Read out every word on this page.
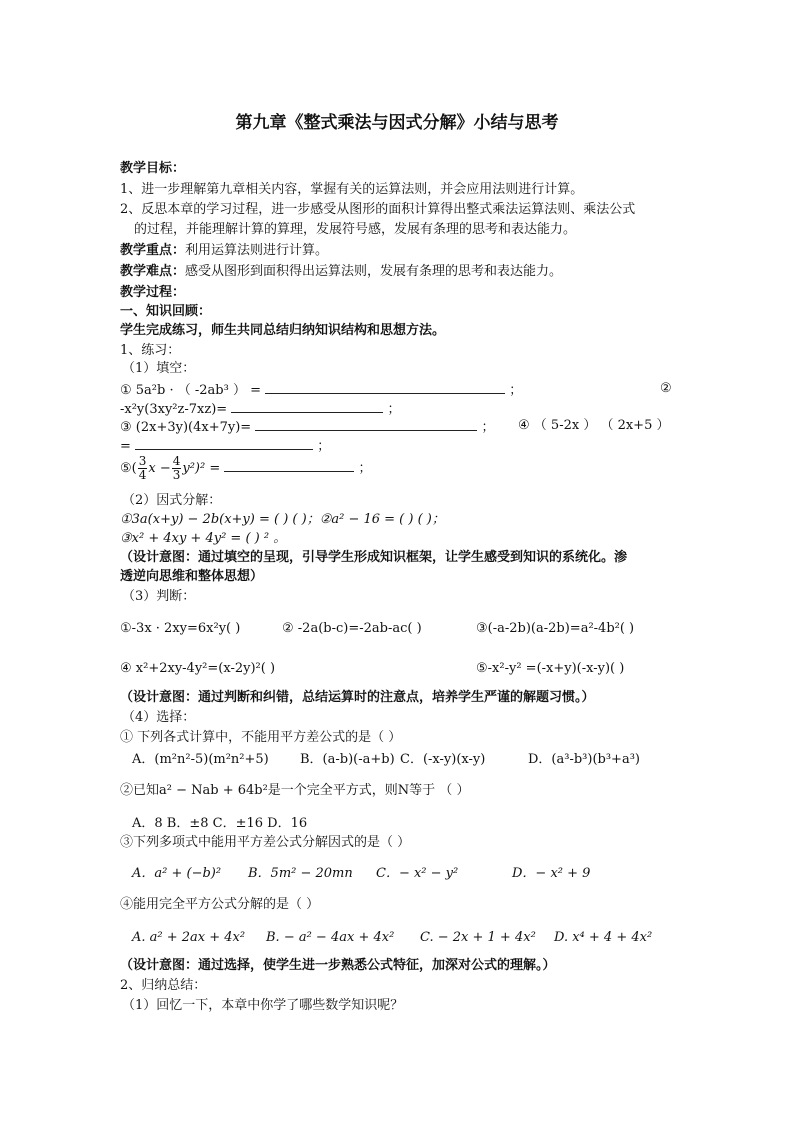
第九章《整式乘法与因式分解》小结与思考
教学目标：
1、进一步理解第九章相关内容，掌握有关的运算法则，并会应用法则进行计算。
2、反思本章的学习过程，进一步感受从图形的面积计算得出整式乘法运算法则、乘法公式
的过程，并能理解计算的算理，发展符号感，发展有条理的思考和表达能力。
教学重点：利用运算法则进行计算。
教学难点：感受从图形到面积得出运算法则，发展有条理的思考和表达能力。
教学过程：
一、知识回顾：
学生完成练习，师生共同总结归纳知识结构和思想方法。
1、练习：
（1）填空：
① 5a²b · （ -2ab³ ） =	；	②
-x²y(3xy²z-7xz)=	；
③ (2x+3y)(4x+7y)=	； ④ （ 5-2x ） （ 2x+5 ）
=	；
⑤( $\frac{3}{4}$ $x - \frac{4}{3} y^2)^2$ =	；
（2）因式分解：
①3a(x+y) − 2b(x+y) = ( ) ( )；②a² − 16 = ( ) ( )；
③x² + 4xy + 4y² = ( ) ² 。
（设计意图：通过填空的呈现，引导学生形成知识框架，让学生感受到知识的系统化。渗
透逆向思维和整体思想）
（3）判断：
①-3x · 2xy=6x²y( )	② -2a(b-c)=-2ab-ac( )	③(-a-2b)(a-2b)=a²-4b²( )
④ x²+2xy-4y²=(x-2y)²( )	⑤-x²-y² =(-x+y)(-x-y)( )
（设计意图：通过判断和纠错，总结运算时的注意点，培养学生严谨的解题习惯。）
（4）选择：
① 下列各式计算中，不能用平方差公式的是（ ）
A．(m²n²-5)(m²n²+5) B．(a-b)(-a+b) C．(-x-y)(x-y)	D．(a³-b³)(b³+a³)
②已知a² − Nab + 64b²是一个完全平方式，则N等于 （ ）
A．8 B．±8 C．±16 D．16
③下列多项式中能用平方差公式分解因式的是（ ）
A．a² + (−b)² B．5m² − 20mn C．− x² − y²	D．− x² + 9
④能用完全平方公式分解的是（ ）
A. a² + 2ax + 4x² B. − a² − 4ax + 4x² C. − 2x + 1 + 4x² D. x⁴ + 4 + 4x²
（设计意图：通过选择，使学生进一步熟悉公式特征，加深对公式的理解。）
2、归纳总结：
（1）回忆一下，本章中你学了哪些数学知识呢？
